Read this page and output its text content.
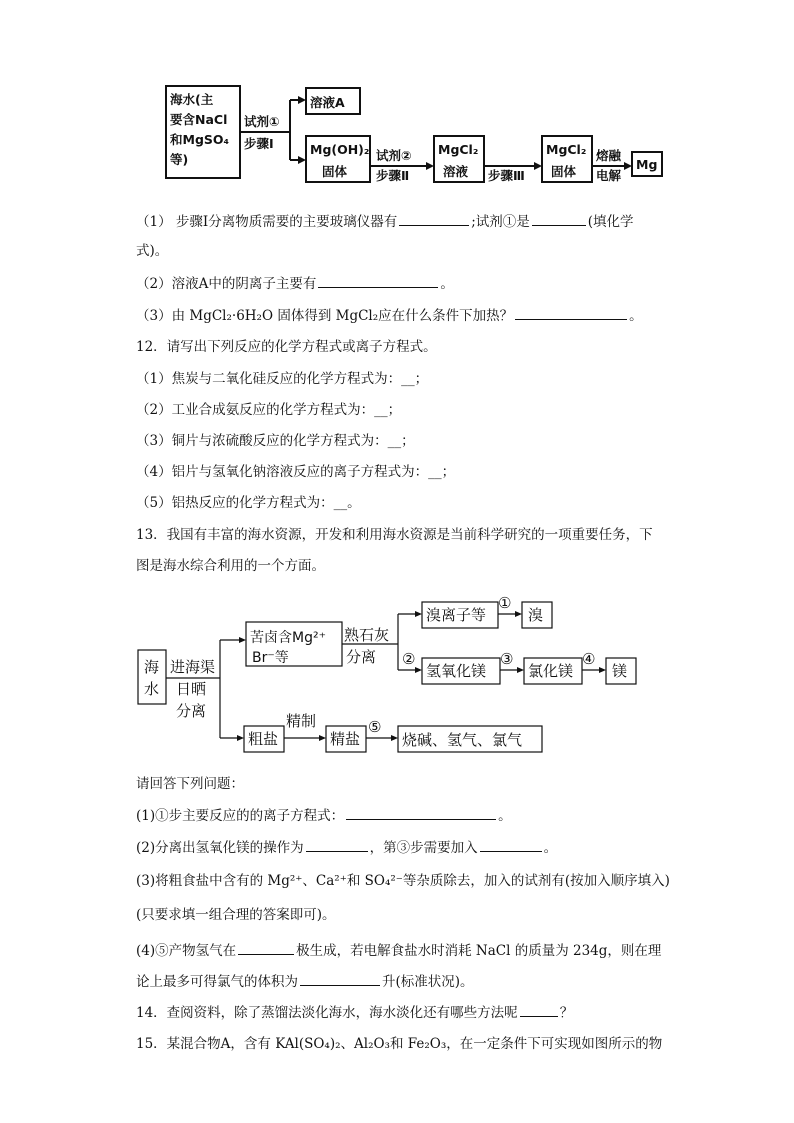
海水(主
要含NaCl
和MgSO₄
等)
试剂①
步骤Ⅰ
溶液A
Mg(OH)₂
固体
试剂②
步骤Ⅱ
MgCl₂
溶液 步骤Ⅲ
MgCl₂
固体
熔融
电解
Mg
（1） 步骤Ⅰ分离物质需要的主要玻璃仪器有	;试剂①是	(填化学
式)。
（2）溶液A中的阴离子主要有	。
（3）由 MgCl₂·6H₂O 固体得到 MgCl₂应在什么条件下加热？	。
12．请写出下列反应的化学方程式或离子方程式。
（1）焦炭与二氧化硅反应的化学方程式为：__；
（2）工业合成氨反应的化学方程式为：__；
（3）铜片与浓硫酸反应的化学方程式为：__；
（4）铝片与氢氧化钠溶液反应的离子方程式为：__；
（5）铝热反应的化学方程式为：__。
13．我国有丰富的海水资源，开发和利用海水资源是当前科学研究的一项重要任务，下
图是海水综合利用的一个方面。
海
水
进海渠
日晒
分离
苦卤含Mg²⁺
Br⁻等
熟石灰
分离
溴离子等
①
溴
②
氢氧化镁
③
粗盐
精制
精盐
⑤
烧碱、氢气、氯气
氯化镁
④
镁
请回答下列问题：
(1)①步主要反应的的离子方程式：	。
(2)分离出氢氧化镁的操作为	，第③步需要加入	。
(3)将粗食盐中含有的 Mg²⁺、Ca²⁺和 SO₄²⁻等杂质除去，加入的试剂有(按加入顺序填入)
(只要求填一组合理的答案即可)。
(4)⑤产物氢气在	极生成，若电解食盐水时消耗 NaCl 的质量为 234g，则在理
论上最多可得氯气的体积为	升(标准状况)。
14．查阅资料，除了蒸馏法淡化海水，海水淡化还有哪些方法呢	？
15．某混合物A，含有 KAl(SO₄)₂、Al₂O₃和 Fe₂O₃，在一定条件下可实现如图所示的物
